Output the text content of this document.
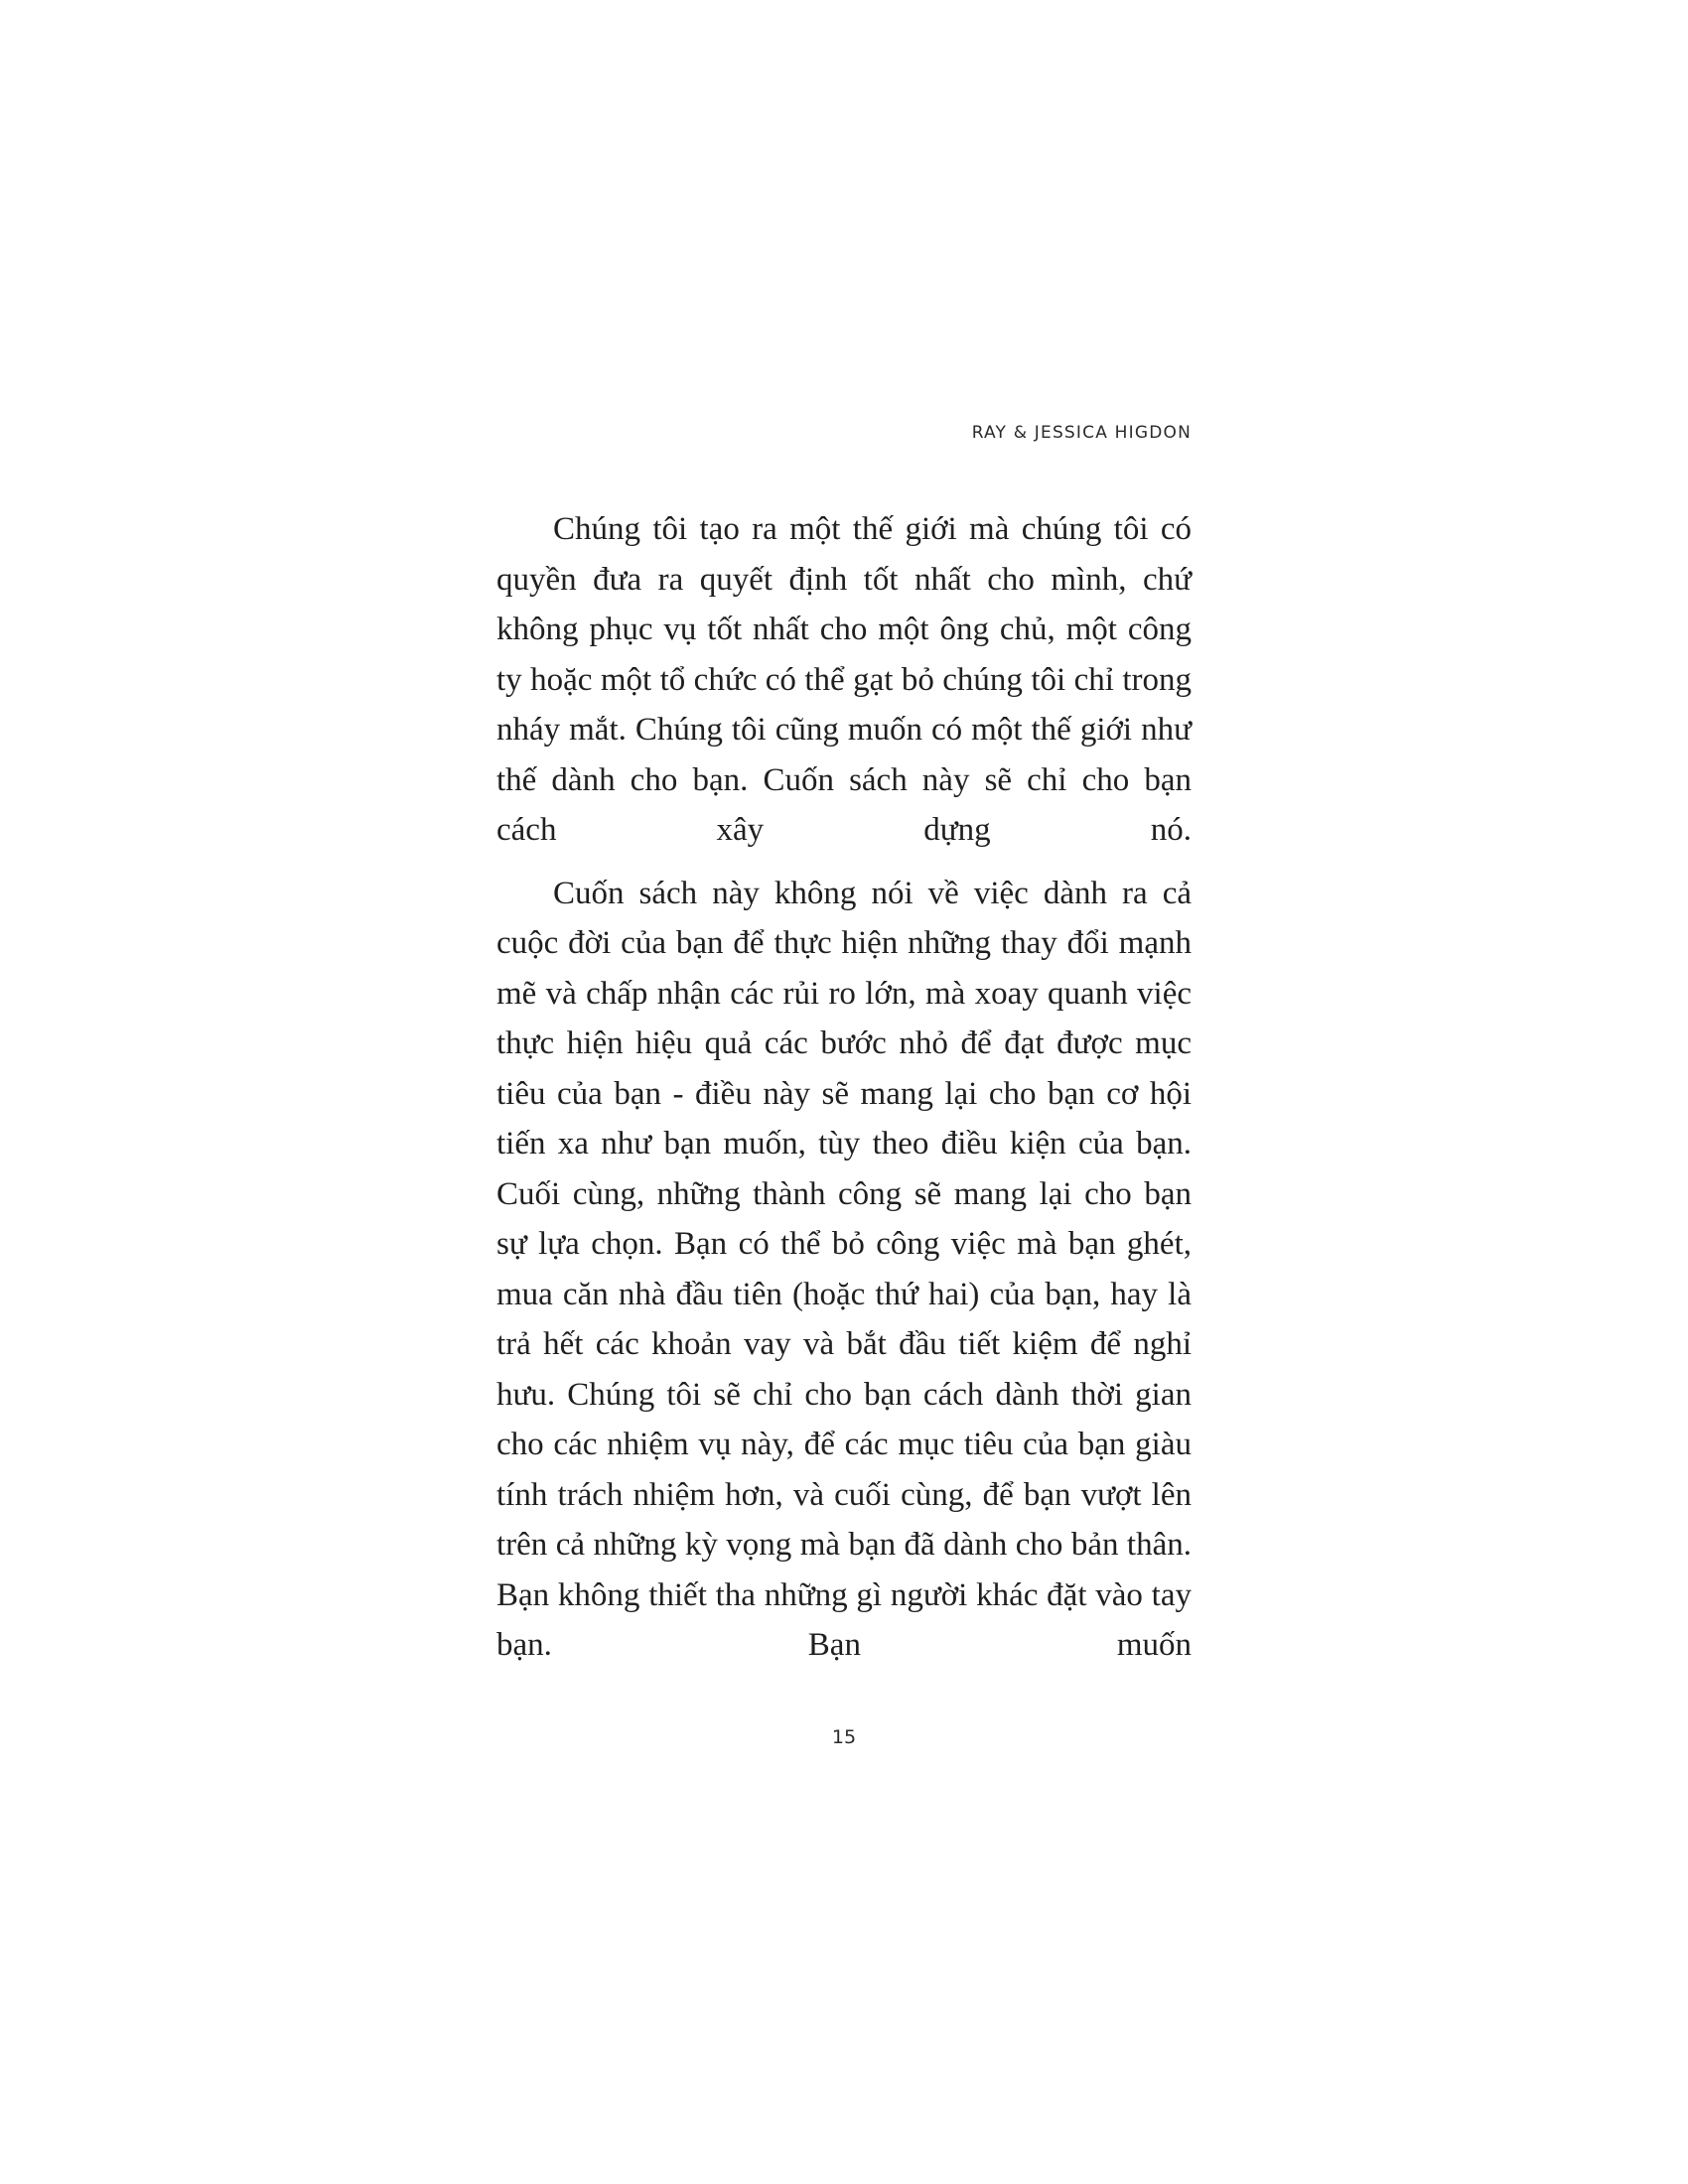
RAY & JESSICA HIGDON

Chúng tôi tạo ra một thế giới mà chúng tôi có quyền đưa ra quyết định tốt nhất cho mình, chứ không phục vụ tốt nhất cho một ông chủ, một công ty hoặc một tổ chức có thể gạt bỏ chúng tôi chỉ trong nháy mắt. Chúng tôi cũng muốn có một thế giới như thế dành cho bạn. Cuốn sách này sẽ chỉ cho bạn cách xây dựng nó.

Cuốn sách này không nói về việc dành ra cả cuộc đời của bạn để thực hiện những thay đổi mạnh mẽ và chấp nhận các rủi ro lớn, mà xoay quanh việc thực hiện hiệu quả các bước nhỏ để đạt được mục tiêu của bạn - điều này sẽ mang lại cho bạn cơ hội tiến xa như bạn muốn, tùy theo điều kiện của bạn. Cuối cùng, những thành công sẽ mang lại cho bạn sự lựa chọn. Bạn có thể bỏ công việc mà bạn ghét, mua căn nhà đầu tiên (hoặc thứ hai) của bạn, hay là trả hết các khoản vay và bắt đầu tiết kiệm để nghỉ hưu. Chúng tôi sẽ chỉ cho bạn cách dành thời gian cho các nhiệm vụ này, để các mục tiêu của bạn giàu tính trách nhiệm hơn, và cuối cùng, để bạn vượt lên trên cả những kỳ vọng mà bạn đã dành cho bản thân. Bạn không thiết tha những gì người khác đặt vào tay bạn. Bạn muốn

15
